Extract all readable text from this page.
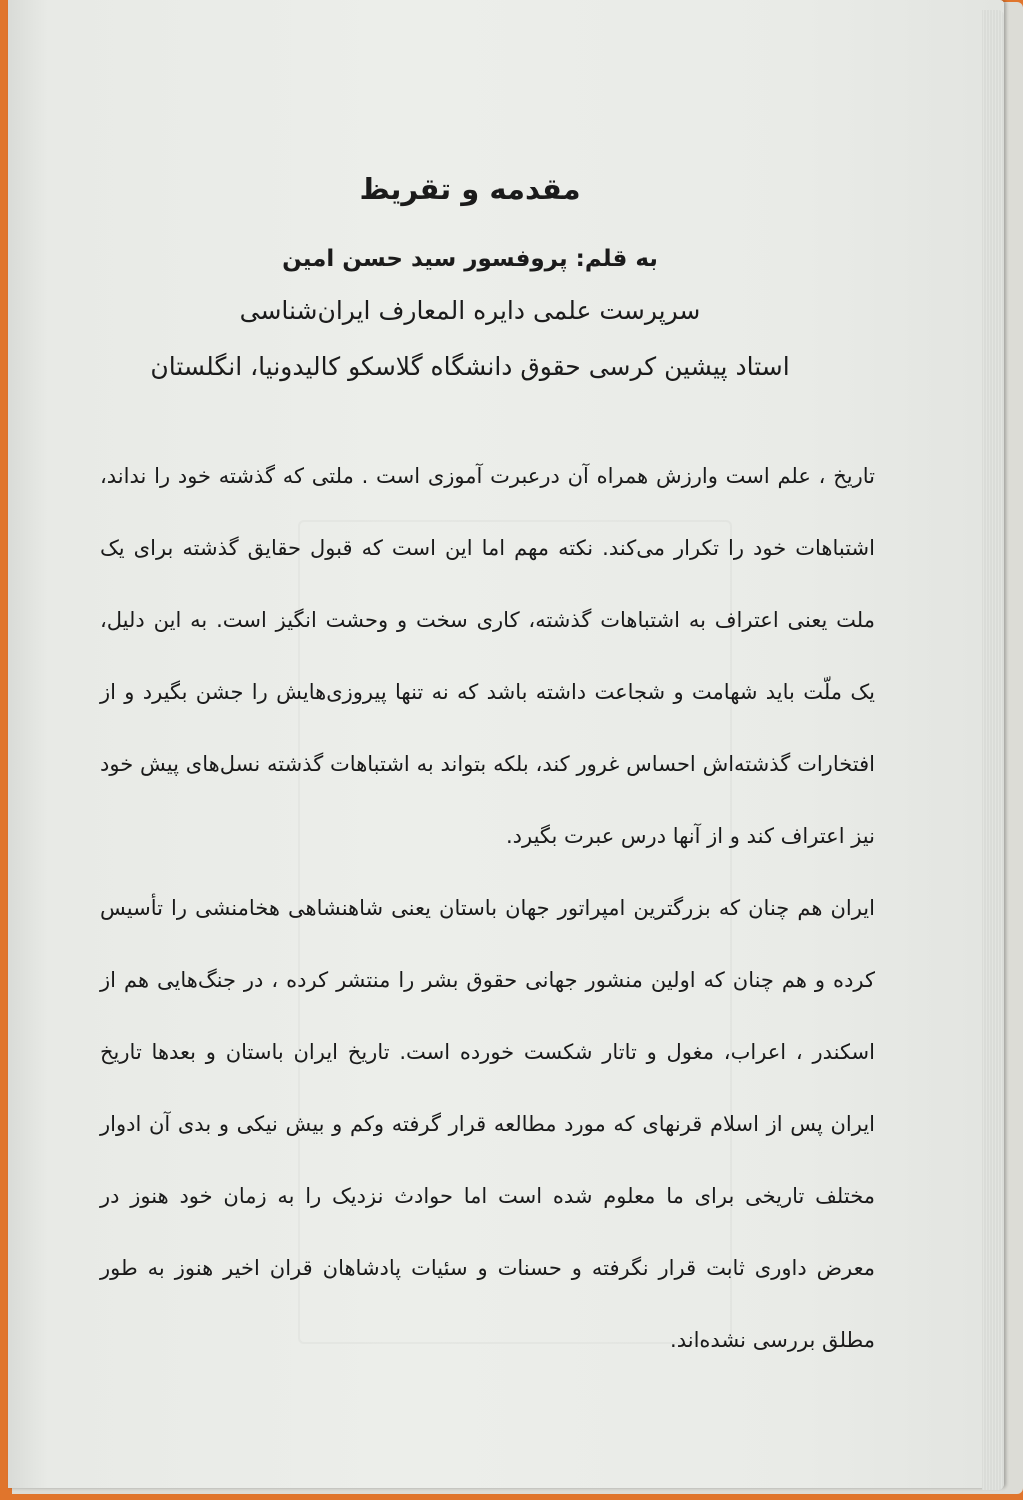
مقدمه و تقریظ
به قلم: پروفسور سید حسن امین
سرپرست علمی دایره المعارف ایران‌شناسی
استاد پیشین کرسی حقوق دانشگاه گلاسکو کالیدونیا، انگلستان

تاریخ ، علم است وارزش همراه آن درعبرت آموزی است . ملتی که گذشته خود را نداند، اشتباهات خود را تکرار می‌کند. نکته مهم اما این است که قبول حقایق گذشته برای یک ملت یعنی اعتراف به اشتباهات گذشته، کاری سخت و وحشت انگیز است. به این دلیل، یک ملّت باید شهامت و شجاعت داشته باشد که نه تنها پیروزی‌هایش را جشن بگیرد و از افتخارات گذشته‌اش احساس غرور کند، بلکه بتواند به اشتباهات گذشته نسل‌های پیش خود نیز اعتراف کند و از آنها درس عبرت بگیرد.

ایران هم چنان که بزرگترین امپراتور جهان باستان یعنی شاهنشاهی هخامنشی را تأسیس کرده و هم چنان که اولین منشور جهانی حقوق بشر را منتشر کرده ، در جنگ‌هایی هم از اسکندر ، اعراب، مغول و تاتار شکست خورده است. تاریخ ایران باستان و بعدها تاریخ ایران پس از اسلام قرنهای که مورد مطالعه قرار گرفته وکم و بیش نیکی و بدی آن ادوار مختلف تاریخی برای ما معلوم شده است اما حوادث نزدیک را به زمان خود هنوز در معرض داوری ثابت قرار نگرفته و حسنات و سئیات پادشاهان قران اخیر هنوز به طور مطلق بررسی نشده‌اند.
